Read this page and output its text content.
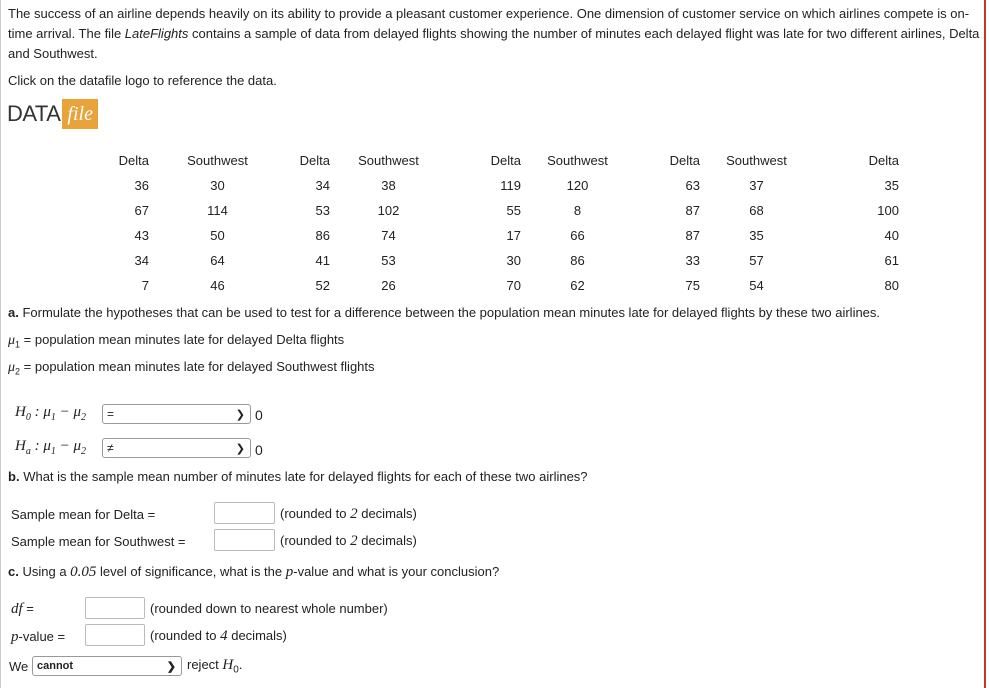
The success of an airline depends heavily on its ability to provide a pleasant customer experience. One dimension of customer service on which airlines compete is on-time arrival. The file LateFlights contains a sample of data from delayed flights showing the number of minutes each delayed flight was late for two different airlines, Delta and Southwest.

Click on the datafile logo to reference the data.
DATA file
Delta	Southwest	Delta	Southwest	Delta	Southwest	Delta	Southwest	Delta
36	30	34	38	119	120	63	37	35
67	114	53	102	55	8	87	68	100
43	50	86	74	17	66	87	35	40
34	64	41	53	30	86	33	57	61
7	46	52	26	70	62	75	54	80
a. Formulate the hypotheses that can be used to test for a difference between the population mean minutes late for delayed flights by these two airlines.
$\mu_1$ = population mean minutes late for delayed Delta flights
$\mu_2$ = population mean minutes late for delayed Southwest flights
$H_0$ : $\mu_1 - \mu_2$	=	❯ 0
$H_a$ : $\mu_1 - \mu_2$	≠	❯ 0
b. What is the sample mean number of minutes late for delayed flights for each of these two airlines?
Sample mean for Delta =	(rounded to 2 decimals)
Sample mean for Southwest =	(rounded to 2 decimals)
c. Using a 0.05 level of significance, what is the p-value and what is your conclusion?
df =	(rounded down to nearest whole number)
p-value =	(rounded to 4 decimals)
We cannot	❯ reject $H_0$.
